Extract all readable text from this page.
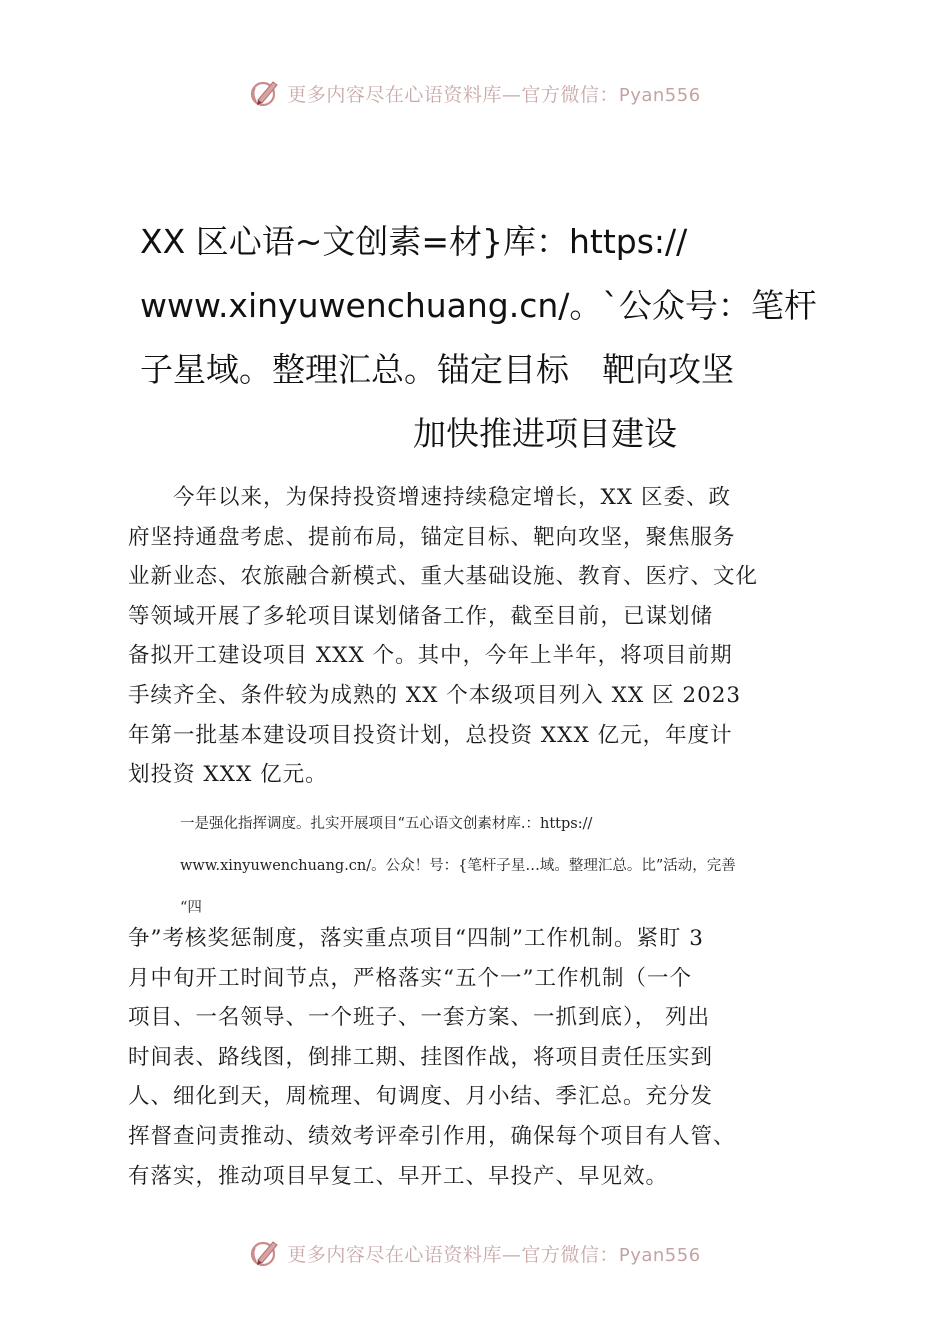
更多内容尽在心语资料库—官方微信：Pyan556
XX 区心语~文创素=材}库：https://
www.xinyuwenchuang.cn/。`公众号：笔杆
子星域。整理汇总。锚定目标　靶向攻坚
加快推进项目建设
　　今年以来，为保持投资增速持续稳定增长，XX 区委、政
府坚持通盘考虑、提前布局，锚定目标、靶向攻坚，聚焦服务
业新业态、农旅融合新模式、重大基础设施、教育、医疗、文化
等领域开展了多轮项目谋划储备工作，截至目前，已谋划储
备拟开工建设项目 XXX 个。其中，今年上半年，将项目前期
手续齐全、条件较为成熟的 XX 个本级项目列入 XX 区 2023
年第一批基本建设项目投资计划，总投资 XXX 亿元，年度计
划投资 XXX 亿元。
一是强化指挥调度。扎实开展项目“五心语文创素材库.：https://
www.xinyuwenchuang.cn/。公众！号：{笔杆子星…域。整理汇总。比”活动，完善
“四
争”考核奖惩制度，落实重点项目“四制”工作机制。紧盯 3
月中旬开工时间节点，严格落实“五个一”工作机制（一个
项目、一名领导、一个班子、一套方案、一抓到底）， 列出
时间表、路线图，倒排工期、挂图作战，将项目责任压实到
人、细化到天，周梳理、旬调度、月小结、季汇总。充分发
挥督查问责推动、绩效考评牵引作用，确保每个项目有人管、
有落实，推动项目早复工、早开工、早投产、早见效。
更多内容尽在心语资料库—官方微信：Pyan556
